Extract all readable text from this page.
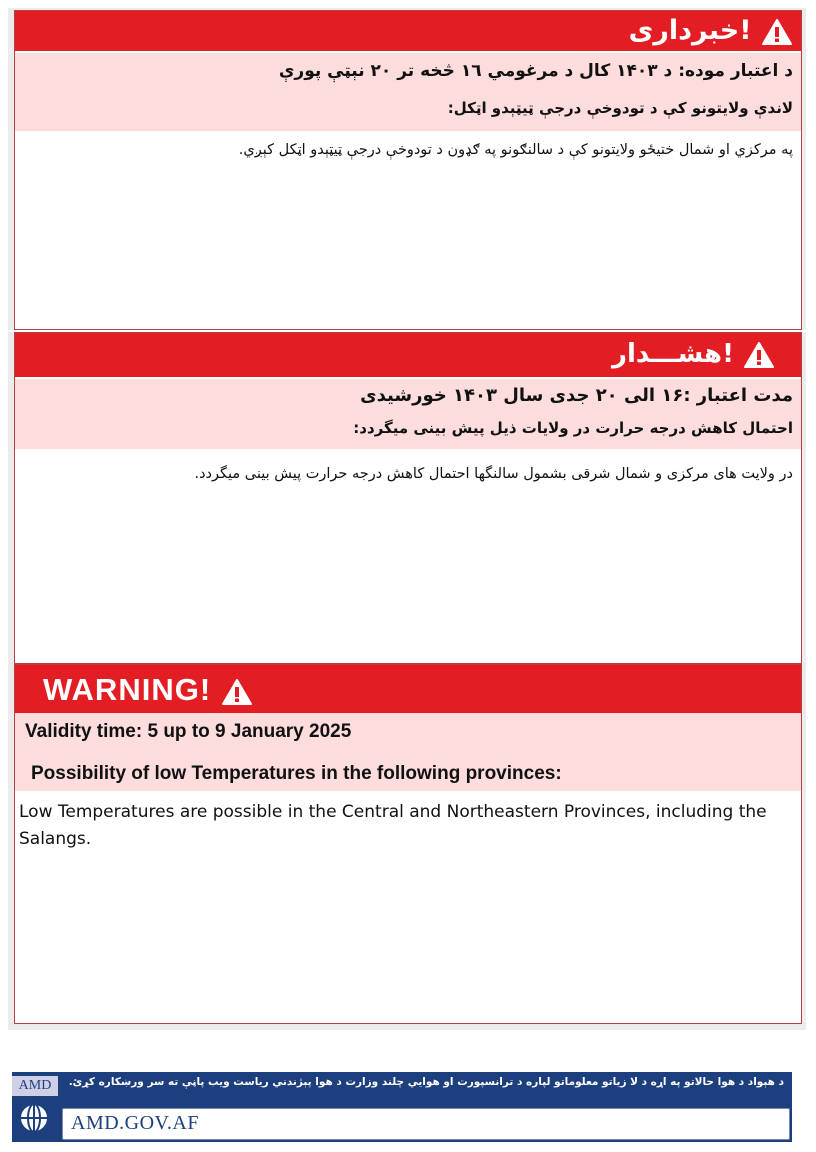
خبرداری!
د اعتبار موده: د ۱۴۰۳ کال د مرغومي ۱٦ څخه تر ۲۰ نېټې پورې
لاندې ولایتونو کې د تودوخې درجې ټیټېدو اټکل:
په مرکزي او شمال ختیځو ولایتونو کې د سالنګونو په ګډون د تودوخې درجې ټیټېدو اټکل کېږي.
هشـــدار!
مدت اعتبار :۱۶ الی ۲۰ جدی سال ۱۴۰۳ خورشیدی
احتمال کاهش درجه حرارت در ولایات ذیل پیش بینی میگردد:
در ولایت های مرکزی و شمال شرقی بشمول سالنگها احتمال کاهش درجه حرارت پیش بینی میگردد.
WARNING!
Validity time: 5 up to 9 January 2025
Possibility of low Temperatures in the following provinces:
Low Temperatures are possible in the Central and Northeastern Provinces, including the Salangs.
AMD	د هېواد د هوا حالاتو په اړه د لا زیاتو معلوماتو لپاره د ترانسپورت او هوايي چلند وزارت د هوا پېژندني ریاست ویب پاڼې ته سر ورښکاره کړئ.
AMD.GOV.AF
